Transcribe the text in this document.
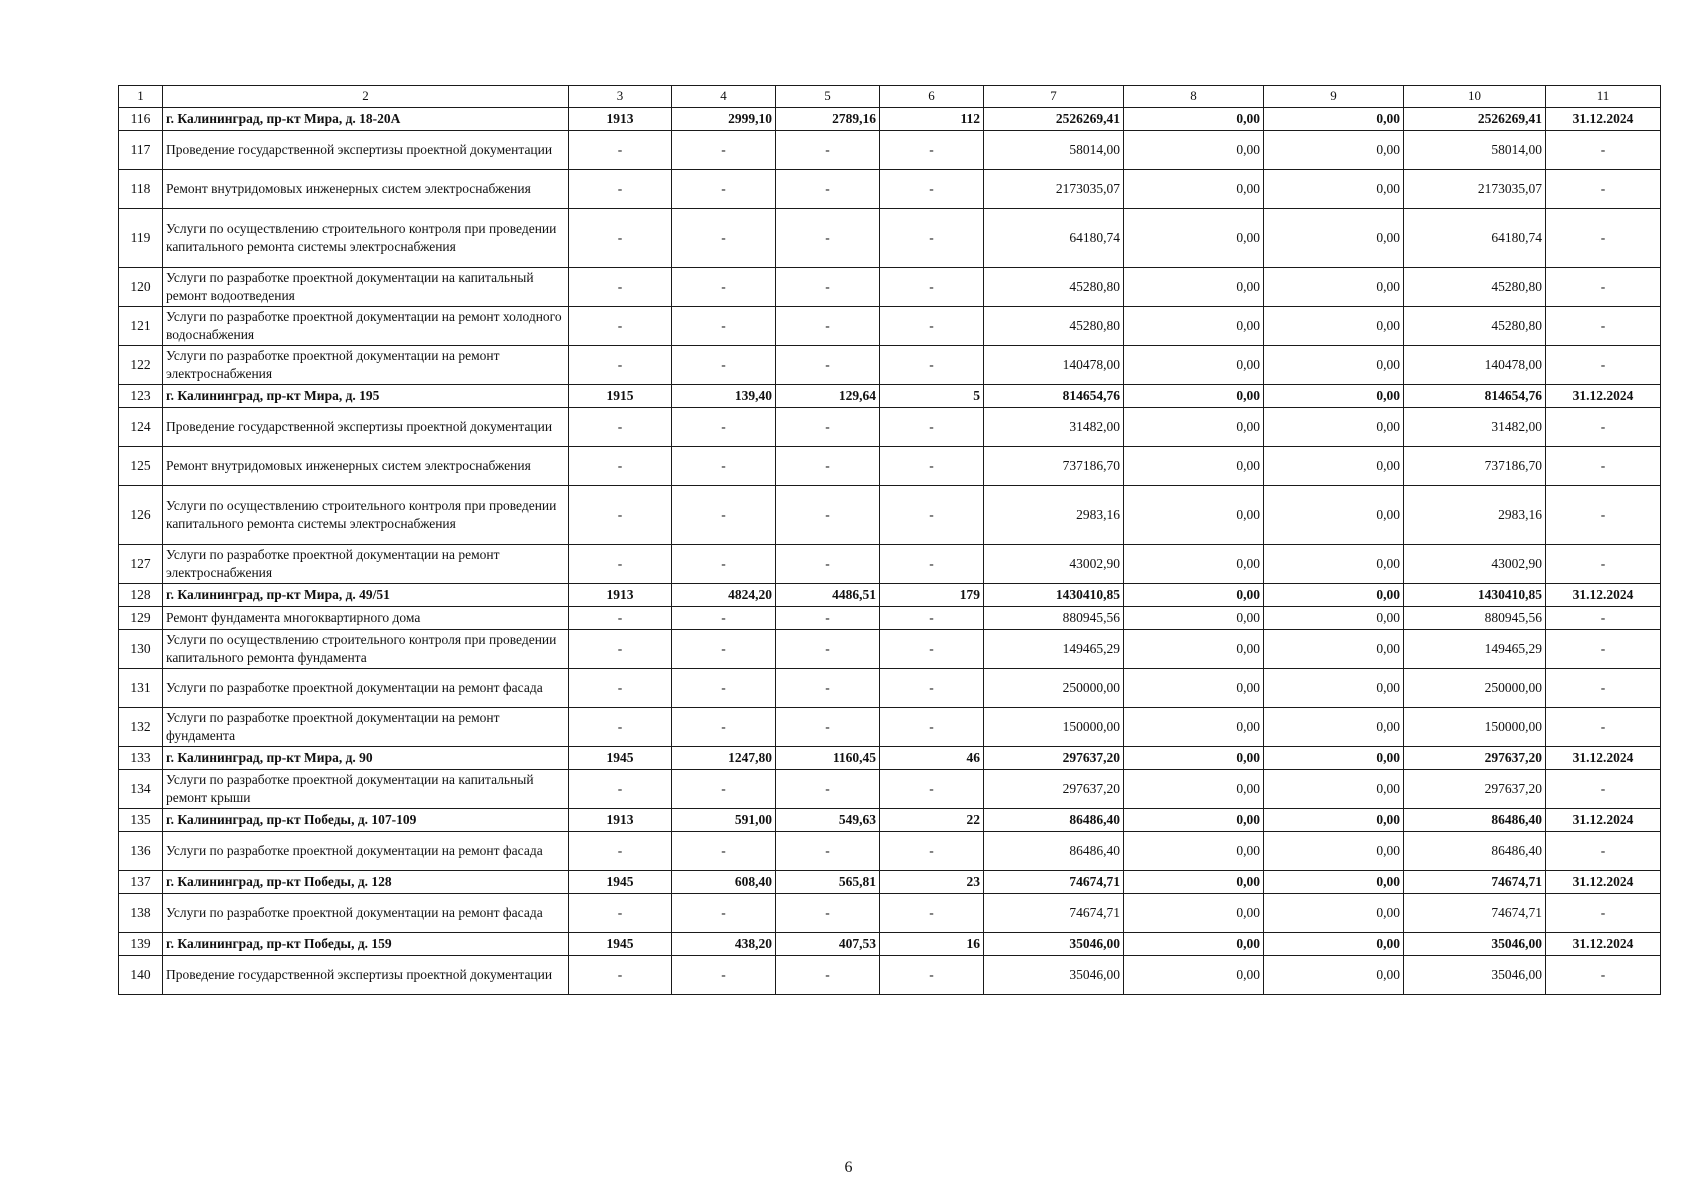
1	2	3	4	5	6	7	8	9	10	11
116	г. Калининград, пр-кт Мира, д. 18-20А	1913	2999,10	2789,16	112	2526269,41	0,00	0,00	2526269,41	31.12.2024
117	Проведение государственной экспертизы проектной документации	-	-	-	-	58014,00	0,00	0,00	58014,00	-
118	Ремонт внутридомовых инженерных систем электроснабжения	-	-	-	-	2173035,07	0,00	0,00	2173035,07	-
119	Услуги по осуществлению строительного контроля при проведении капитального ремонта системы электроснабжения	-	-	-	-	64180,74	0,00	0,00	64180,74	-
120	Услуги по разработке проектной документации на капитальный ремонт водоотведения	-	-	-	-	45280,80	0,00	0,00	45280,80	-
121	Услуги по разработке проектной документации на ремонт холодного водоснабжения	-	-	-	-	45280,80	0,00	0,00	45280,80	-
122	Услуги по разработке проектной документации на ремонт электроснабжения	-	-	-	-	140478,00	0,00	0,00	140478,00	-
123	г. Калининград, пр-кт Мира, д. 195	1915	139,40	129,64	5	814654,76	0,00	0,00	814654,76	31.12.2024
124	Проведение государственной экспертизы проектной документации	-	-	-	-	31482,00	0,00	0,00	31482,00	-
125	Ремонт внутридомовых инженерных систем электроснабжения	-	-	-	-	737186,70	0,00	0,00	737186,70	-
126	Услуги по осуществлению строительного контроля при проведении капитального ремонта системы электроснабжения	-	-	-	-	2983,16	0,00	0,00	2983,16	-
127	Услуги по разработке проектной документации на ремонт электроснабжения	-	-	-	-	43002,90	0,00	0,00	43002,90	-
128	г. Калининград, пр-кт Мира, д. 49/51	1913	4824,20	4486,51	179	1430410,85	0,00	0,00	1430410,85	31.12.2024
129	Ремонт фундамента многоквартирного дома	-	-	-	-	880945,56	0,00	0,00	880945,56	-
130	Услуги по осуществлению строительного контроля при проведении капитального ремонта фундамента	-	-	-	-	149465,29	0,00	0,00	149465,29	-
131	Услуги по разработке проектной документации на ремонт фасада	-	-	-	-	250000,00	0,00	0,00	250000,00	-
132	Услуги по разработке проектной документации на ремонт фундамента	-	-	-	-	150000,00	0,00	0,00	150000,00	-
133	г. Калининград, пр-кт Мира, д. 90	1945	1247,80	1160,45	46	297637,20	0,00	0,00	297637,20	31.12.2024
134	Услуги по разработке проектной документации на капитальный ремонт крыши	-	-	-	-	297637,20	0,00	0,00	297637,20	-
135	г. Калининград, пр-кт Победы, д. 107-109	1913	591,00	549,63	22	86486,40	0,00	0,00	86486,40	31.12.2024
136	Услуги по разработке проектной документации на ремонт фасада	-	-	-	-	86486,40	0,00	0,00	86486,40	-
137	г. Калининград, пр-кт Победы, д. 128	1945	608,40	565,81	23	74674,71	0,00	0,00	74674,71	31.12.2024
138	Услуги по разработке проектной документации на ремонт фасада	-	-	-	-	74674,71	0,00	0,00	74674,71	-
139	г. Калининград, пр-кт Победы, д. 159	1945	438,20	407,53	16	35046,00	0,00	0,00	35046,00	31.12.2024
140	Проведение государственной экспертизы проектной документации	-	-	-	-	35046,00	0,00	0,00	35046,00	-
6
